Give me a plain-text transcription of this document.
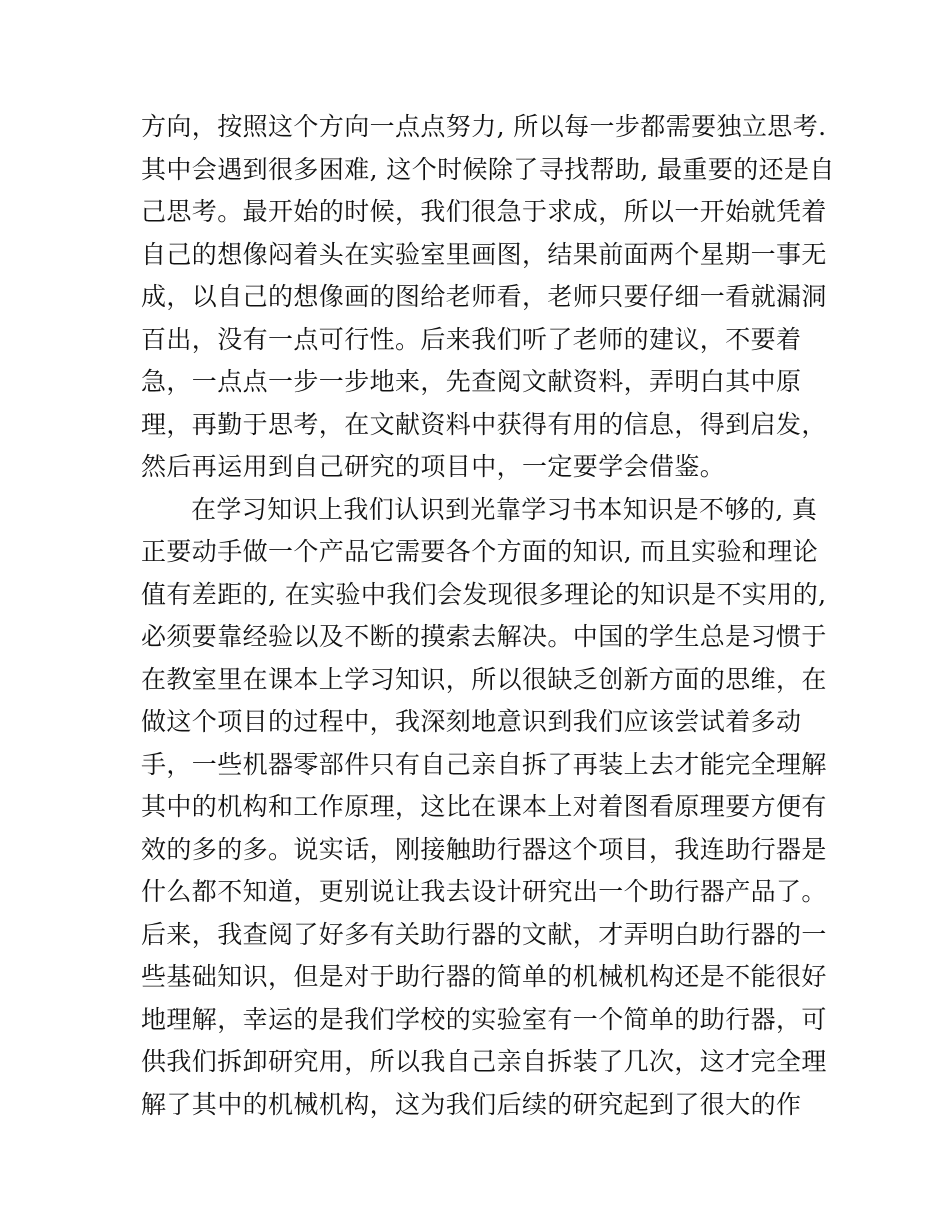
方向，按照这个方向一点点努力, 所以每一步都需要独立思考.
其中会遇到很多困难, 这个时候除了寻找帮助, 最重要的还是自
己思考。最开始的时候，我们很急于求成，所以一开始就凭着
自己的想像闷着头在实验室里画图，结果前面两个星期一事无
成，以自己的想像画的图给老师看，老师只要仔细一看就漏洞
百出，没有一点可行性。后来我们听了老师的建议，不要着
急，一点点一步一步地来，先查阅文献资料，弄明白其中原
理，再勤于思考，在文献资料中获得有用的信息，得到启发，
然后再运用到自己研究的项目中，一定要学会借鉴。
在学习知识上我们认识到光靠学习书本知识是不够的, 真
正要动手做一个产品它需要各个方面的知识, 而且实验和理论
值有差距的, 在实验中我们会发现很多理论的知识是不实用的,
必须要靠经验以及不断的摸索去解决。中国的学生总是习惯于
在教室里在课本上学习知识，所以很缺乏创新方面的思维，在
做这个项目的过程中，我深刻地意识到我们应该尝试着多动
手，一些机器零部件只有自己亲自拆了再装上去才能完全理解
其中的机构和工作原理，这比在课本上对着图看原理要方便有
效的多的多。说实话，刚接触助行器这个项目，我连助行器是
什么都不知道，更别说让我去设计研究出一个助行器产品了。
后来，我查阅了好多有关助行器的文献，才弄明白助行器的一
些基础知识，但是对于助行器的简单的机械机构还是不能很好
地理解，幸运的是我们学校的实验室有一个简单的助行器，可
供我们拆卸研究用，所以我自己亲自拆装了几次，这才完全理
解了其中的机械机构，这为我们后续的研究起到了很大的作
